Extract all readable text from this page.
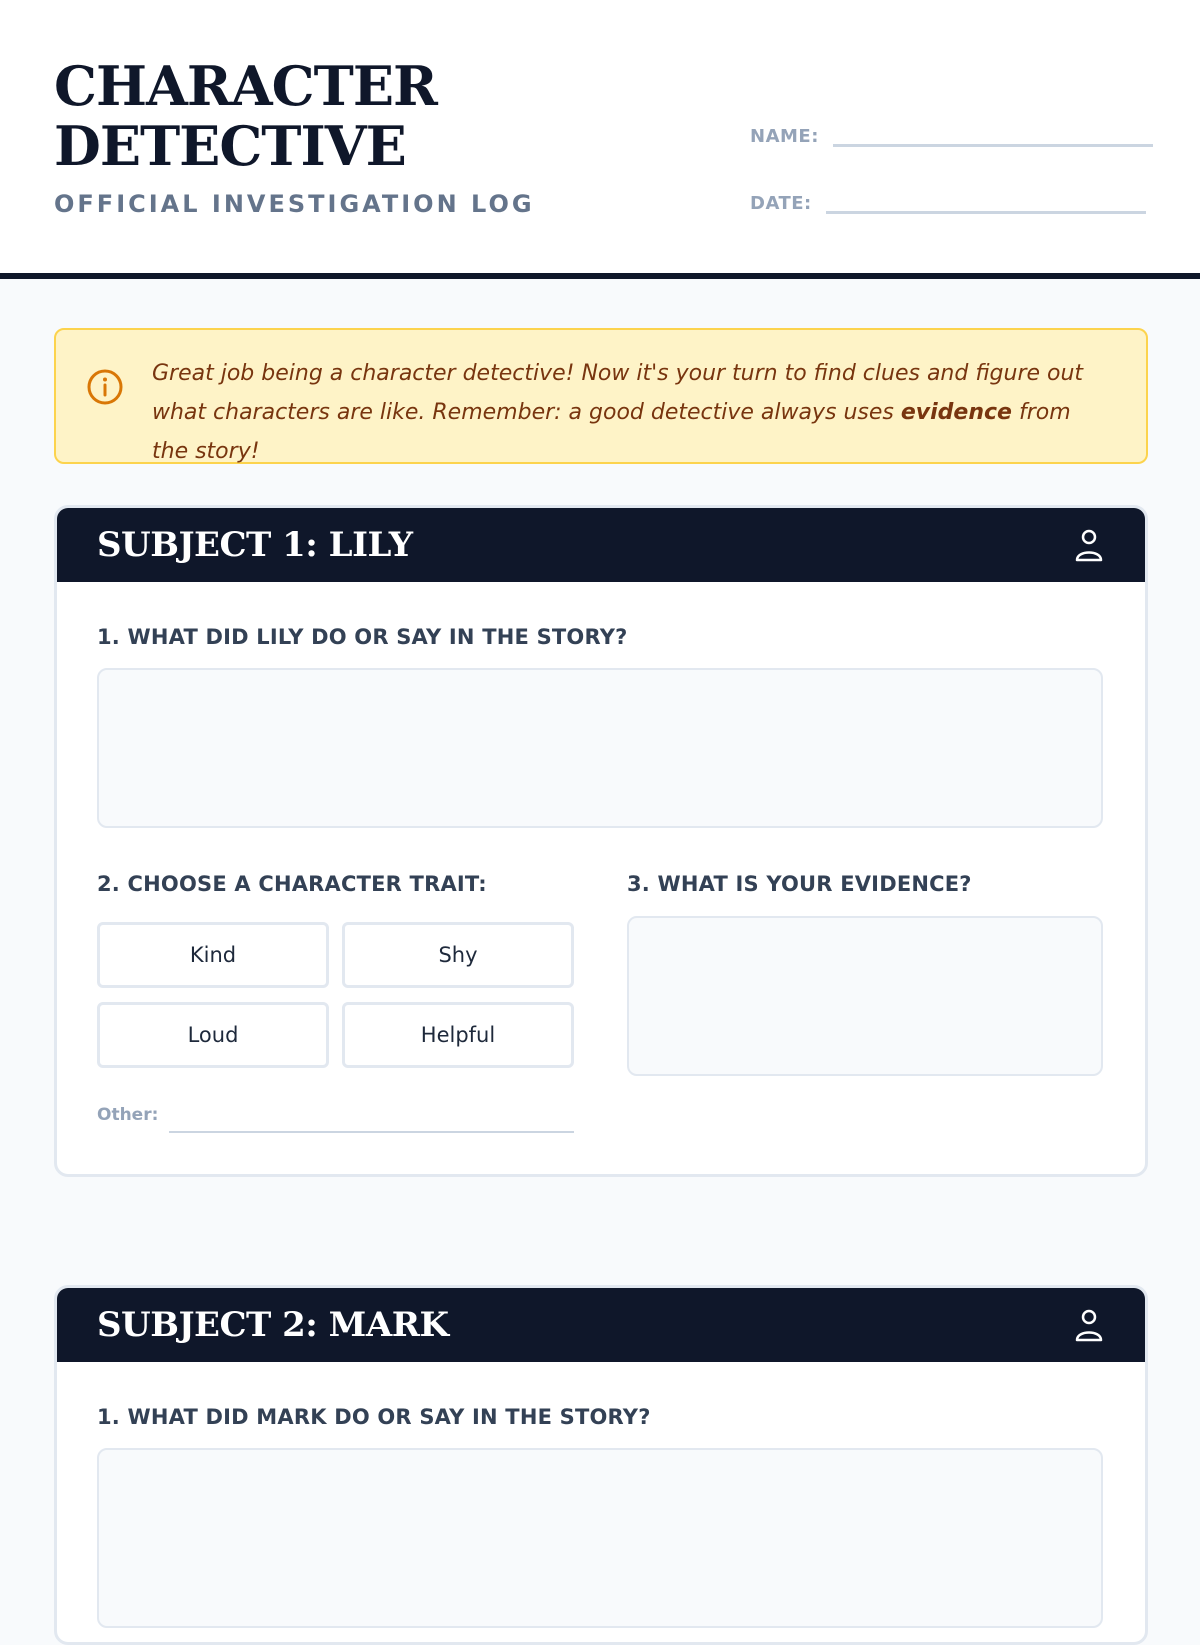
CHARACTER DETECTIVE
OFFICIAL INVESTIGATION LOG
NAME:
DATE:
Great job being a character detective! Now it's your turn to find clues and figure out what characters are like. Remember: a good detective always uses evidence from the story!
SUBJECT 1: LILY
1. WHAT DID LILY DO OR SAY IN THE STORY?
2. CHOOSE A CHARACTER TRAIT:
Kind	Shy
Loud	Helpful
Other:
3. WHAT IS YOUR EVIDENCE?
SUBJECT 2: MARK
1. WHAT DID MARK DO OR SAY IN THE STORY?
